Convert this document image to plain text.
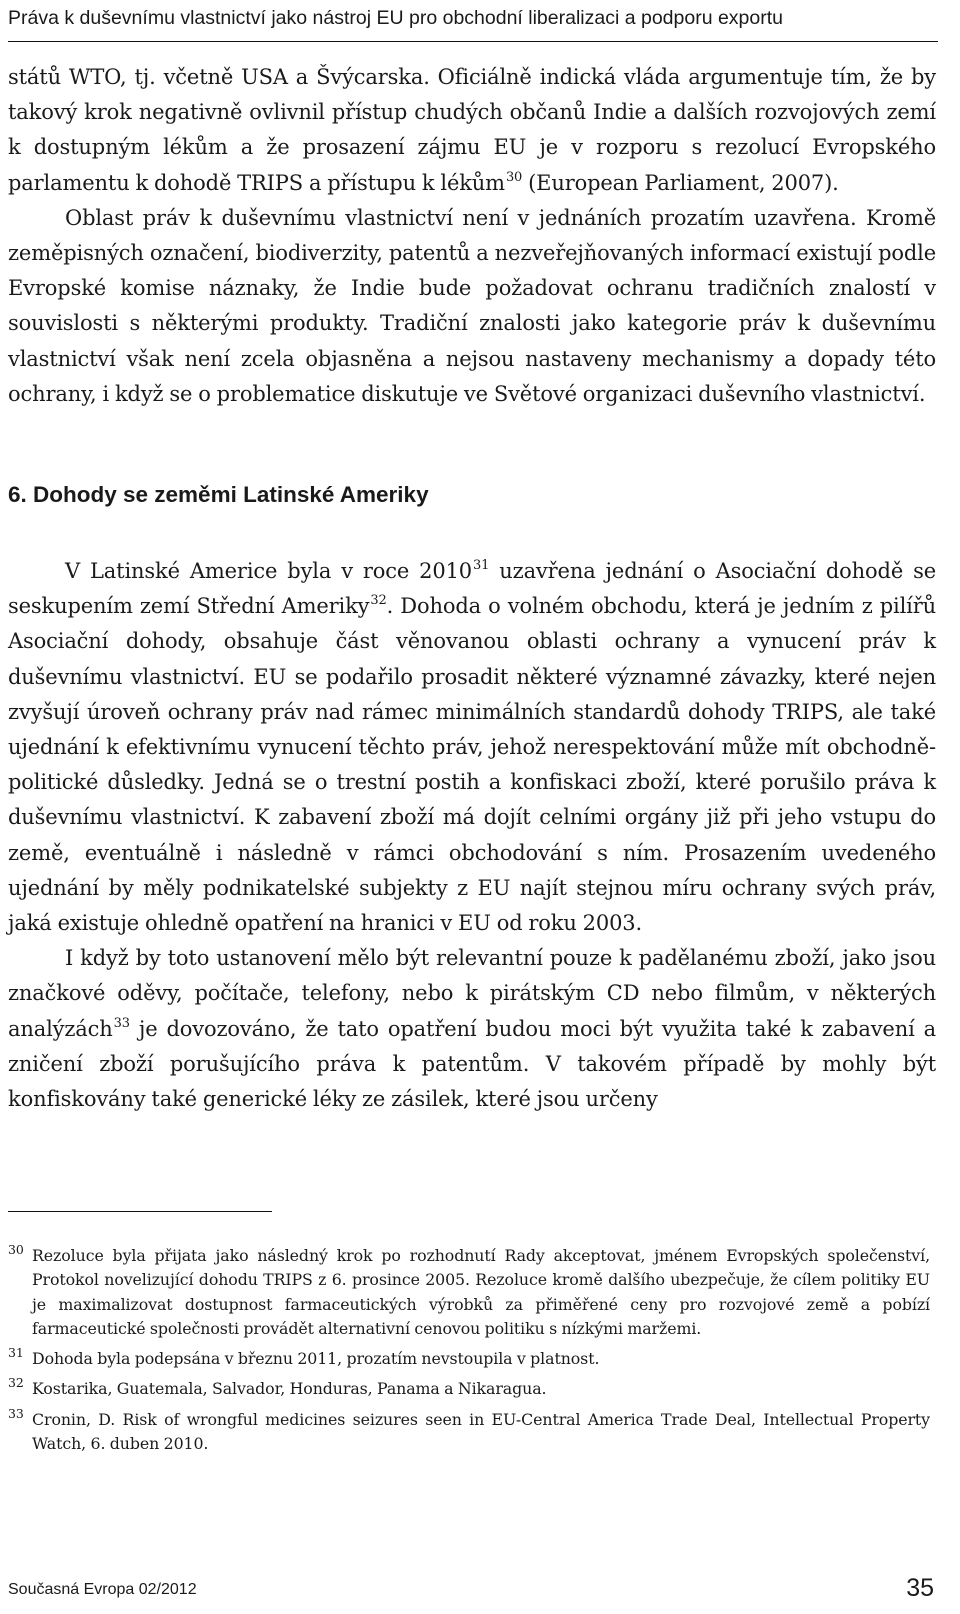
Práva k duševnímu vlastnictví jako nástroj EU pro obchodní liberalizaci a podporu exportu

států WTO, tj. včetně USA a Švýcarska. Oficiálně indická vláda argumentuje tím, že by takový krok negativně ovlivnil přístup chudých občanů Indie a dalších rozvojových zemí k dostupným lékům a že prosazení zájmu EU je v rozporu s rezolucí Evropského parlamentu k dohodě TRIPS a přístupu k lékům$^{30}$ (European Parliament, 2007).

Oblast práv k duševnímu vlastnictví není v jednáních prozatím uzavřena. Kromě zeměpisných označení, biodiverzity, patentů a nezveřejňovaných informací existují podle Evropské komise náznaky, že Indie bude požadovat ochranu tradičních znalostí v souvislosti s některými produkty. Tradiční znalosti jako kategorie práv k duševnímu vlastnictví však není zcela objasněna a nejsou nastaveny mechanismy a dopady této ochrany, i když se o problematice diskutuje ve Světové organizaci duševního vlastnictví.

6. Dohody se zeměmi Latinské Ameriky

V Latinské Americe byla v roce 2010$^{31}$ uzavřena jednání o Asociační dohodě se seskupením zemí Střední Ameriky$^{32}$. Dohoda o volném obchodu, která je jedním z pilířů Asociační dohody, obsahuje část věnovanou oblasti ochrany a vynucení práv k duševnímu vlastnictví. EU se podařilo prosadit některé významné závazky, které nejen zvyšují úroveň ochrany práv nad rámec minimálních standardů dohody TRIPS, ale také ujednání k efektivnímu vynucení těchto práv, jehož nerespektování může mít obchodně-politické důsledky. Jedná se o trestní postih a konfiskaci zboží, které porušilo práva k duševnímu vlastnictví. K zabavení zboží má dojít celními orgány již při jeho vstupu do země, eventuálně i následně v rámci obchodování s ním. Prosazením uvedeného ujednání by měly podnikatelské subjekty z EU najít stejnou míru ochrany svých práv, jaká existuje ohledně opatření na hranici v EU od roku 2003.

I když by toto ustanovení mělo být relevantní pouze k padělanému zboží, jako jsou značkové oděvy, počítače, telefony, nebo k pirátským CD nebo filmům, v některých analýzách$^{33}$ je dovozováno, že tato opatření budou moci být využita také k zabavení a zničení zboží porušujícího práva k patentům. V takovém případě by mohly být konfiskovány také generické léky ze zásilek, které jsou určeny

30 Rezoluce byla přijata jako následný krok po rozhodnutí Rady akceptovat, jménem Evropských společenství, Protokol novelizující dohodu TRIPS z 6. prosince 2005. Rezoluce kromě dalšího ubezpečuje, že cílem politiky EU je maximalizovat dostupnost farmaceutických výrobků za přiměřené ceny pro rozvojové země a pobízí farmaceutické společnosti provádět alternativní cenovou politiku s nízkými maržemi.

31 Dohoda byla podepsána v březnu 2011, prozatím nevstoupila v platnost.

32 Kostarika, Guatemala, Salvador, Honduras, Panama a Nikaragua.

33 Cronin, D. Risk of wrongful medicines seizures seen in EU-Central America Trade Deal, Intellectual Property Watch, 6. duben 2010.

Současná Evropa 02/2012	35
